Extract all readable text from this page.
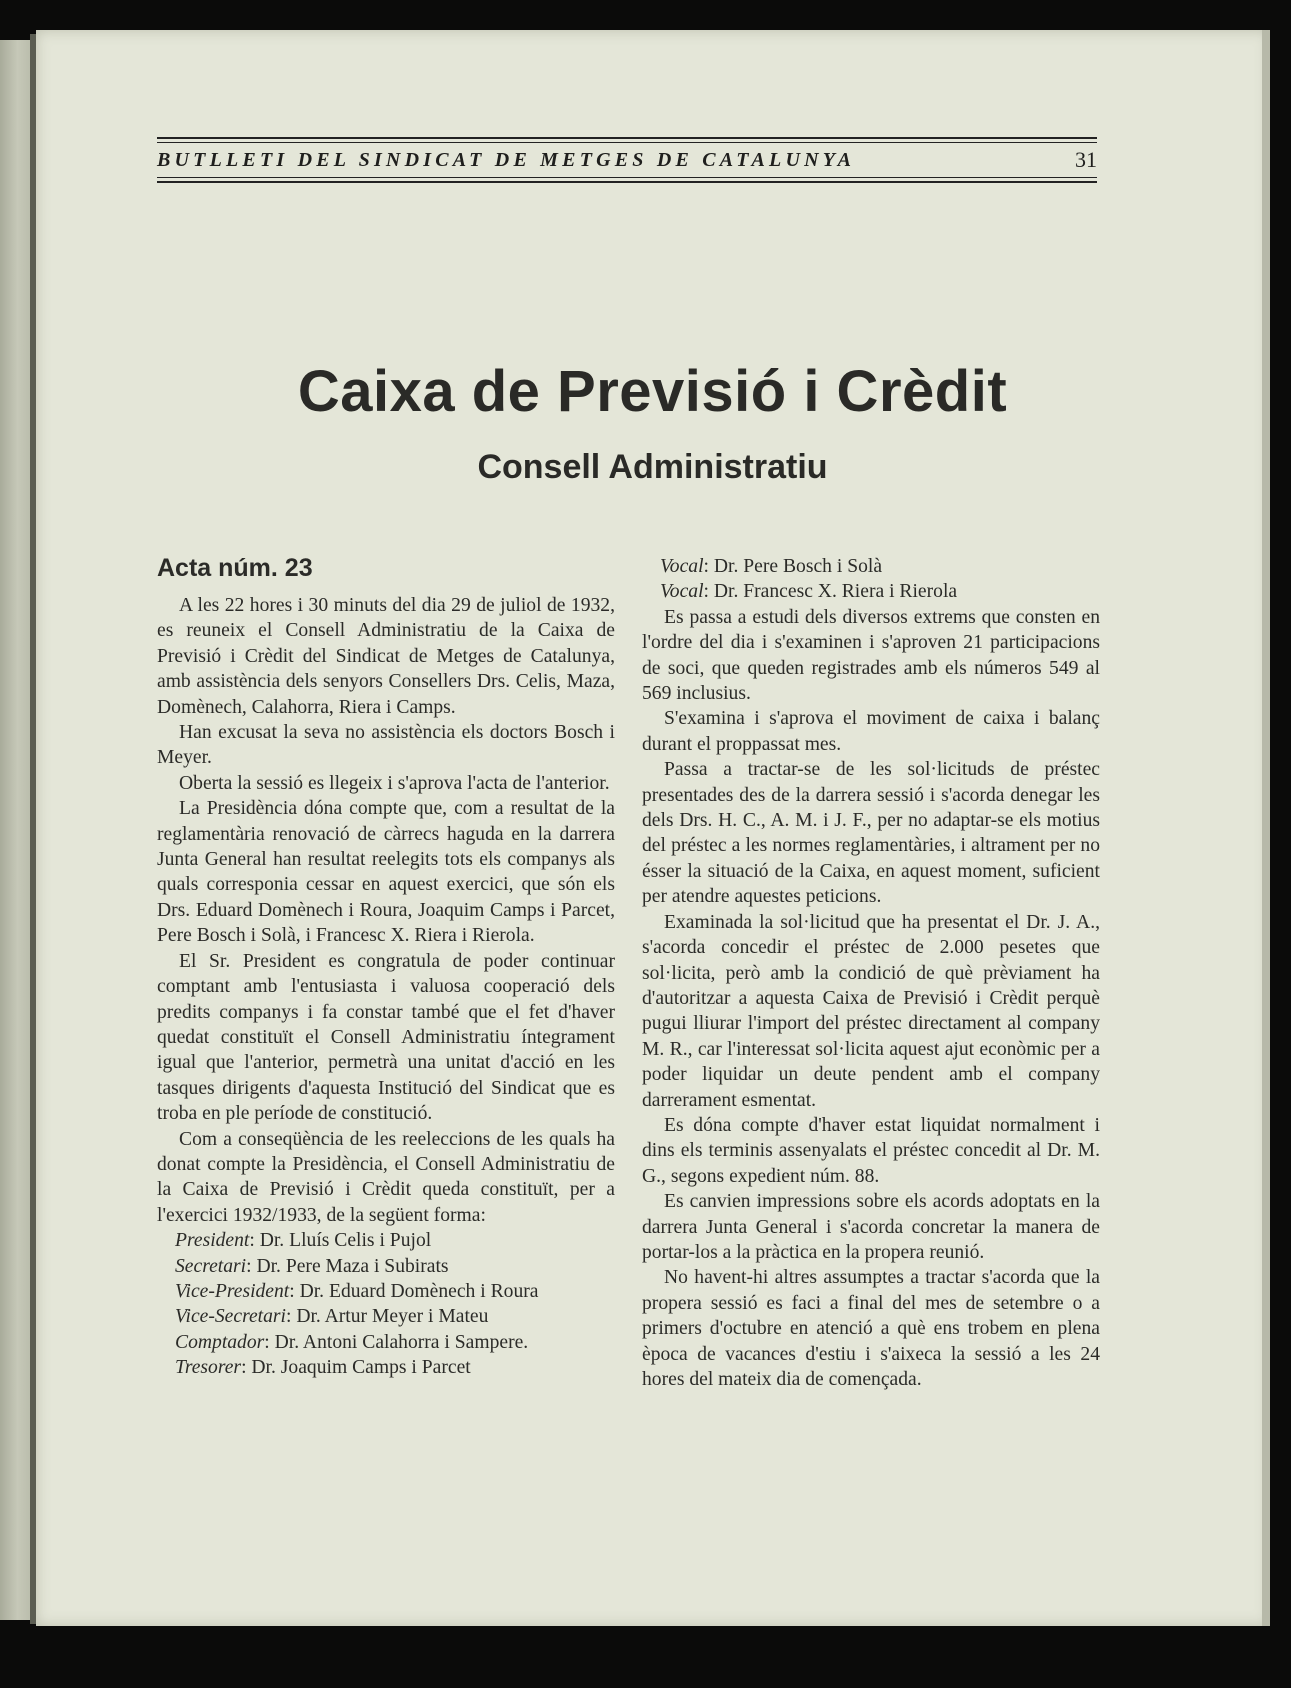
BUTLLETI DEL SINDICAT DE METGES DE CATALUNYA	31
Caixa de Previsió i Crèdit
Consell Administratiu

Acta núm. 23

A les 22 hores i 30 minuts del dia 29 de juliol de 1932, es reuneix el Consell Administratiu de la Caixa de Previsió i Crèdit del Sindicat de Metges de Catalunya, amb assistència dels senyors Consellers Drs. Celis, Maza, Domènech, Calahorra, Riera i Camps.

Han excusat la seva no assistència els doctors Bosch i Meyer.

Oberta la sessió es llegeix i s'aprova l'acta de l'anterior.

La Presidència dóna compte que, com a resultat de la reglamentària renovació de càrrecs haguda en la darrera Junta General han resultat reelegits tots els companys als quals corresponia cessar en aquest exercici, que són els Drs. Eduard Domènech i Roura, Joaquim Camps i Parcet, Pere Bosch i Solà, i Francesc X. Riera i Rierola.

El Sr. President es congratula de poder continuar comptant amb l'entusiasta i valuosa cooperació dels predits companys i fa constar també que el fet d'haver quedat constituït el Consell Administratiu íntegrament igual que l'anterior, permetrà una unitat d'acció en les tasques dirigents d'aquesta Institució del Sindicat que es troba en ple període de constitució.

Com a conseqüència de les reeleccions de les quals ha donat compte la Presidència, el Consell Administratiu de la Caixa de Previsió i Crèdit queda constituït, per a l'exercici 1932/1933, de la següent forma:

President: Dr. Lluís Celis i Pujol

Secretari: Dr. Pere Maza i Subirats

Vice-President: Dr. Eduard Domènech i Roura

Vice-Secretari: Dr. Artur Meyer i Mateu

Comptador: Dr. Antoni Calahorra i Sampere.

Tresorer: Dr. Joaquim Camps i Parcet

Vocal: Dr. Pere Bosch i Solà

Vocal: Dr. Francesc X. Riera i Rierola

Es passa a estudi dels diversos extrems que consten en l'ordre del dia i s'examinen i s'aproven 21 participacions de soci, que queden registrades amb els números 549 al 569 inclusius.

S'examina i s'aprova el moviment de caixa i balanç durant el proppassat mes.

Passa a tractar-se de les sol·licituds de préstec presentades des de la darrera sessió i s'acorda denegar les dels Drs. H. C., A. M. i J. F., per no adaptar-se els motius del préstec a les normes reglamentàries, i altrament per no ésser la situació de la Caixa, en aquest moment, suficient per atendre aquestes peticions.

Examinada la sol·licitud que ha presentat el Dr. J. A., s'acorda concedir el préstec de 2.000 pesetes que sol·licita, però amb la condició de què prèviament ha d'autoritzar a aquesta Caixa de Previsió i Crèdit perquè pugui lliurar l'import del préstec directament al company M. R., car l'interessat sol·licita aquest ajut econòmic per a poder liquidar un deute pendent amb el company darrerament esmentat.

Es dóna compte d'haver estat liquidat normalment i dins els terminis assenyalats el préstec concedit al Dr. M. G., segons expedient núm. 88.

Es canvien impressions sobre els acords adoptats en la darrera Junta General i s'acorda concretar la manera de portar-los a la pràctica en la propera reunió.

No havent-hi altres assumptes a tractar s'acorda que la propera sessió es faci a final del mes de setembre o a primers d'octubre en atenció a què ens trobem en plena època de vacances d'estiu i s'aixeca la sessió a les 24 hores del mateix dia de començada.
